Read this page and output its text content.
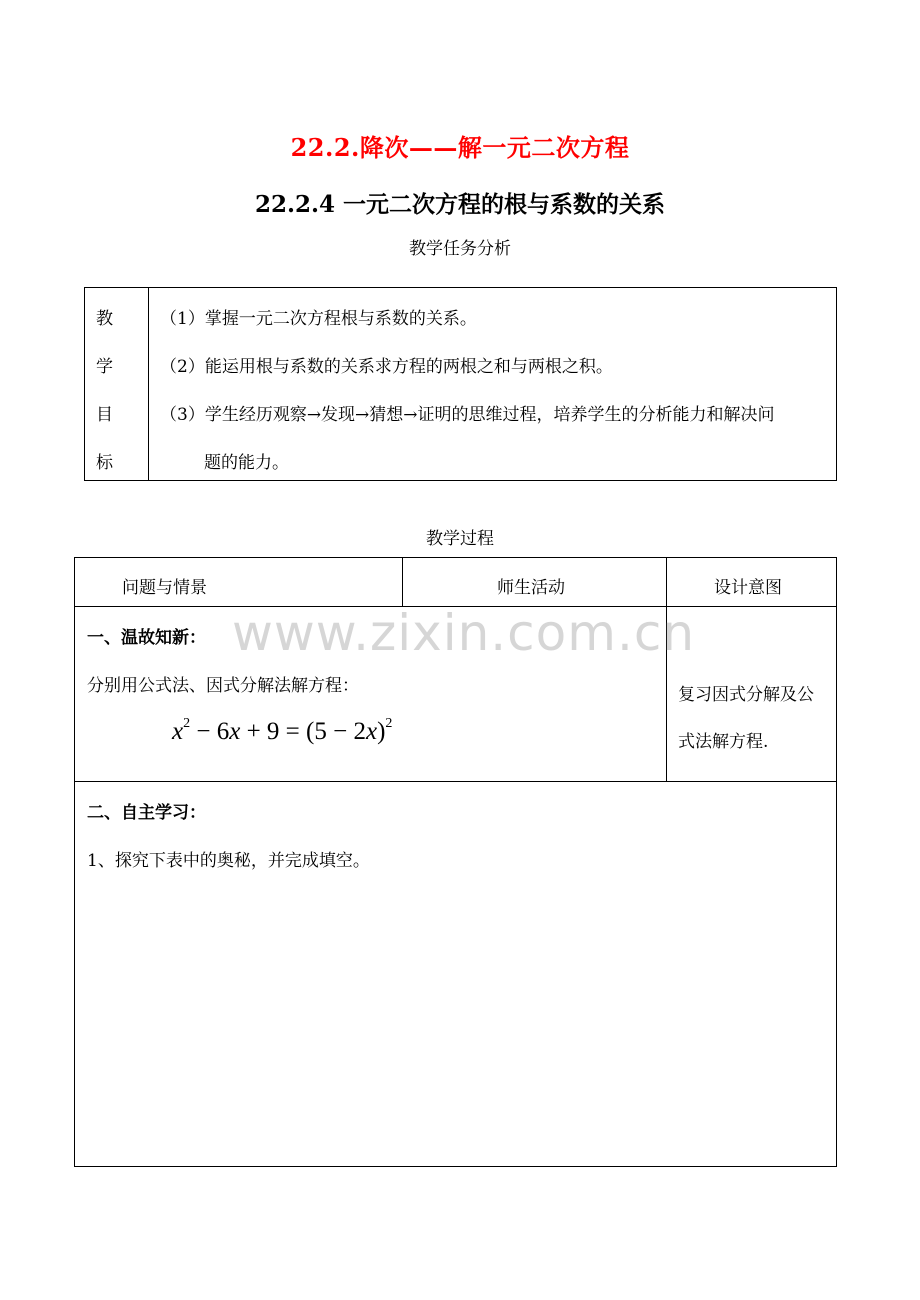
22.2.降次——解一元二次方程
22.2.4 一元二次方程的根与系数的关系
教学任务分析
教
学
目
标
（1）掌握一元二次方程根与系数的关系。
（2）能运用根与系数的关系求方程的两根之和与两根之积。
（3）学生经历观察→发现→猜想→证明的思维过程，培养学生的分析能力和解决问
题的能力。
教学过程
问题与情景	师生活动	设计意图
www.zixin.com.cn
一、温故知新：
分别用公式法、因式分解法解方程：
$x^2 - 6x + 9 = (5 - 2x)^2$
复习因式分解及公
式法解方程.
二、自主学习：
1、探究下表中的奥秘，并完成填空。
